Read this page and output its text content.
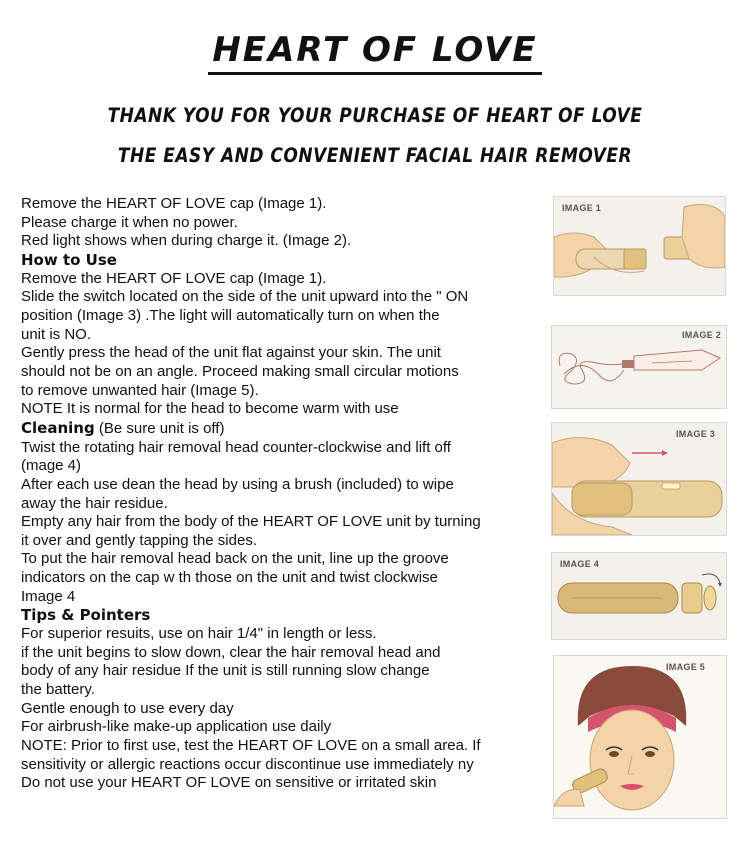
HEART OF LOVE
THANK YOU FOR YOUR PURCHASE OF HEART OF LOVE
THE EASY AND CONVENIENT FACIAL HAIR REMOVER
Remove the HEART OF LOVE cap (Image 1).
Please charge it when no power.
Red light shows when during charge it. (Image 2).
How to Use
Remove the HEART OF LOVE cap (Image 1).
Slide the switch located on the side of the unit upward into the " ON
position (Image 3) .The light will automatically turn on when the
unit is NO.
Gently press the head of the unit flat against your skin. The unit
should not be on an angle. Proceed making small circular motions
to remove unwanted hair (Image 5).
NOTE It is normal for the head to become warm with use
Cleaning (Be sure unit is off)
Twist the rotating hair removal head counter-clockwise and lift off
(mage 4)
After each use dean the head by using a brush (included) to wipe
away the hair residue.
Empty any hair from the body of the HEART OF LOVE unit by turning
it over and gently tapping the sides.
To put the hair removal head back on the unit, line up the groove
indicators on the cap w th those on the unit and twist clockwise
Image 4
Tips & Pointers
For superior resuits, use on hair 1/4" in length or less.
if the unit begins to slow down, clear the hair removal head and
body of any hair residue If the unit is still running slow change
the battery.
Gentle enough to use every day
For airbrush-like make-up application use daily
NOTE: Prior to first use, test the HEART OF LOVE on a small area. If
sensitivity or allergic reactions occur discontinue use immediately ny
Do not use your HEART OF LOVE on sensitive or irritated skin
IMAGE 1
IMAGE 2
IMAGE 3
IMAGE 4
IMAGE 5
